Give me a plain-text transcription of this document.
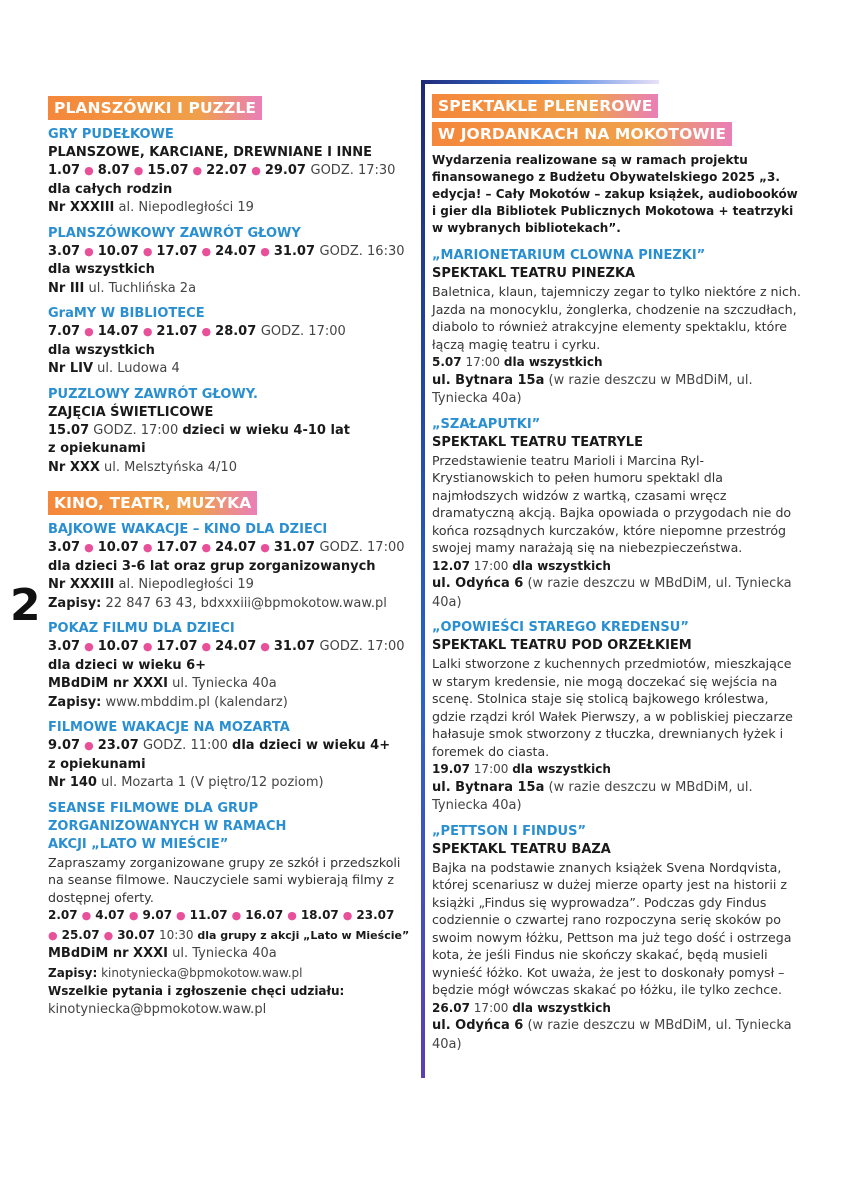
2
PLANSZÓWKI I PUZZLE
GRY PUDEŁKOWE
PLANSZOWE, KARCIANE, DREWNIANE I INNE
1.07 ● 8.07 ● 15.07 ● 22.07 ● 29.07 GODZ. 17:30
dla całych rodzin
Nr XXXIII al. Niepodległości 19
PLANSZÓWKOWY ZAWRÓT GŁOWY
3.07 ● 10.07 ● 17.07 ● 24.07 ● 31.07 GODZ. 16:30
dla wszystkich
Nr III ul. Tuchlińska 2a
GraMY W BIBLIOTECE
7.07 ● 14.07 ● 21.07 ● 28.07 GODZ. 17:00
dla wszystkich
Nr LIV ul. Ludowa 4
PUZZLOWY ZAWRÓT GŁOWY.
ZAJĘCIA ŚWIETLICOWE
15.07 GODZ. 17:00 dzieci w wieku 4-10 lat
z opiekunami
Nr XXX ul. Melsztyńska 4/10
KINO, TEATR, MUZYKA
BAJKOWE WAKACJE – KINO DLA DZIECI
3.07 ● 10.07 ● 17.07 ● 24.07 ● 31.07 GODZ. 17:00
dla dzieci 3-6 lat oraz grup zorganizowanych
Nr XXXIII al. Niepodległości 19
Zapisy: 22 847 63 43, bdxxxiii@bpmokotow.waw.pl
POKAZ FILMU DLA DZIECI
3.07 ● 10.07 ● 17.07 ● 24.07 ● 31.07 GODZ. 17:00
dla dzieci w wieku 6+
MBdDiM nr XXXI ul. Tyniecka 40a
Zapisy: www.mbddim.pl (kalendarz)
FILMOWE WAKACJE NA MOZARTA
9.07 ● 23.07 GODZ. 11:00 dla dzieci w wieku 4+
z opiekunami
Nr 140 ul. Mozarta 1 (V piętro/12 poziom)
SEANSE FILMOWE DLA GRUP ZORGANIZOWANYCH W RAMACH AKCJI „LATO W MIEŚCIE”
Zapraszamy zorganizowane grupy ze szkół i przedszkoli na seanse filmowe. Nauczyciele sami wybierają filmy z dostępnej oferty.
2.07 ● 4.07 ● 9.07 ● 11.07 ● 16.07 ● 18.07 ● 23.07
● 25.07 ● 30.07 10:30 dla grupy z akcji „Lato w Mieście”
MBdDiM nr XXXI ul. Tyniecka 40a
Zapisy: kinotyniecka@bpmokotow.waw.pl
Wszelkie pytania i zgłoszenie chęci udziału:
kinotyniecka@bpmokotow.waw.pl
SPEKTAKLE PLENEROWE
W JORDANKACH NA MOKOTOWIE
Wydarzenia realizowane są w ramach projektu finansowanego z Budżetu Obywatelskiego 2025 „3. edycja! – Cały Mokotów – zakup książek, audiobooków i gier dla Bibliotek Publicznych Mokotowa + teatrzyki w wybranych bibliotekach”.
„MARIONETARIUM CLOWNA PINEZKI”
SPEKTAKL TEATRU PINEZKA
Baletnica, klaun, tajemniczy zegar to tylko niektóre z nich. Jazda na monocyklu, żonglerka, chodzenie na szczudłach, diabolo to również atrakcyjne elementy spektaklu, które łączą magię teatru i cyrku.
5.07 17:00 dla wszystkich
ul. Bytnara 15a (w razie deszczu w MBdDiM, ul. Tyniecka 40a)
„SZAŁAPUTKI”
SPEKTAKL TEATRU TEATRYLE
Przedstawienie teatru Marioli i Marcina Ryl-Krystianowskich to pełen humoru spektakl dla najmłodszych widzów z wartką, czasami wręcz dramatyczną akcją. Bajka opowiada o przygodach nie do końca rozsądnych kurczaków, które niepomne przestróg swojej mamy narażają się na niebezpieczeństwa.
12.07 17:00 dla wszystkich
ul. Odyńca 6 (w razie deszczu w MBdDiM, ul. Tyniecka 40a)
„OPOWIEŚCI STAREGO KREDENSU”
SPEKTAKL TEATRU POD ORZEŁKIEM
Lalki stworzone z kuchennych przedmiotów, mieszkające w starym kredensie, nie mogą doczekać się wejścia na scenę. Stolnica staje się stolicą bajkowego królestwa, gdzie rządzi król Wałek Pierwszy, a w pobliskiej pieczarze hałasuje smok stworzony z tłuczka, drewnianych łyżek i foremek do ciasta.
19.07 17:00 dla wszystkich
ul. Bytnara 15a (w razie deszczu w MBdDiM, ul. Tyniecka 40a)
„PETTSON I FINDUS”
SPEKTAKL TEATRU BAZA
Bajka na podstawie znanych książek Svena Nordqvista, której scenariusz w dużej mierze oparty jest na historii z książki „Findus się wyprowadza”. Podczas gdy Findus codziennie o czwartej rano rozpoczyna serię skoków po swoim nowym łóżku, Pettson ma już tego dość i ostrzega kota, że jeśli Findus nie skończy skakać, będą musieli wynieść łóżko. Kot uważa, że jest to doskonały pomysł – będzie mógł wówczas skakać po łóżku, ile tylko zechce.
26.07 17:00 dla wszystkich
ul. Odyńca 6 (w razie deszczu w MBdDiM, ul. Tyniecka 40a)
